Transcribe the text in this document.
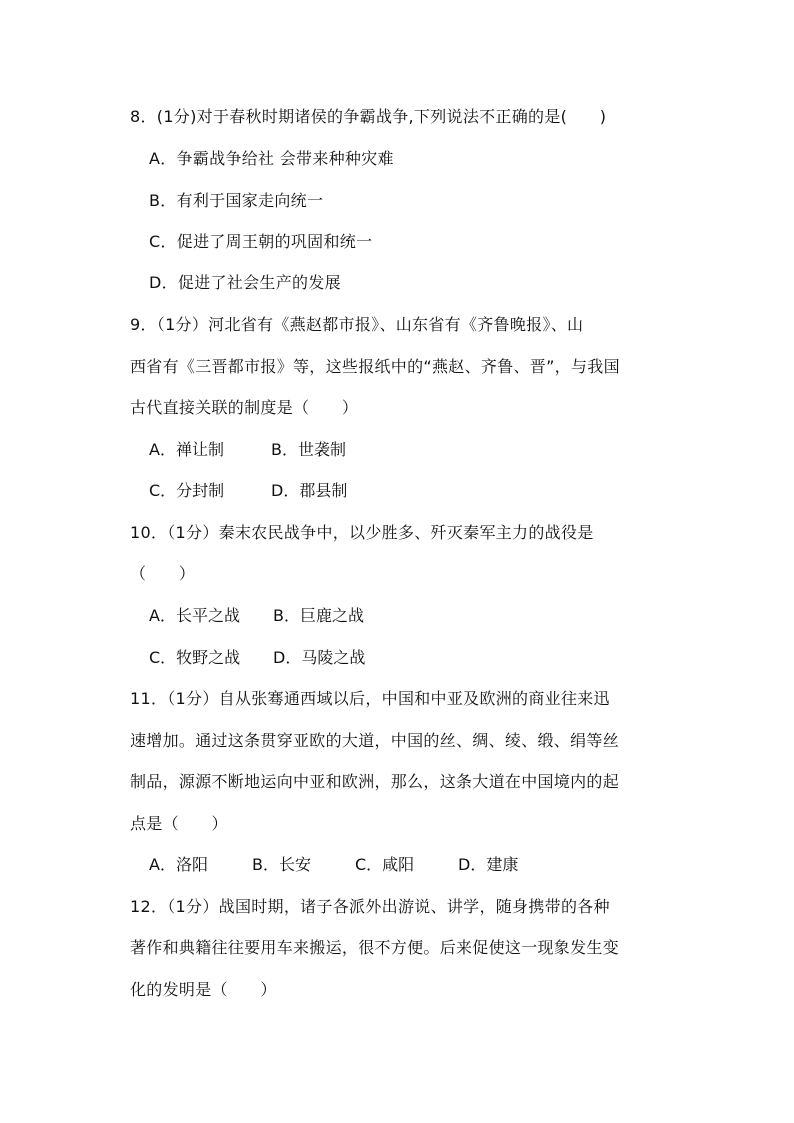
8．(1分)对于春秋时期诸侯的争霸战争,下列说法不正确的是(　　)
A．争霸战争给社 会带来种种灾难
B．有利于国家走向统一
C．促进了周王朝的巩固和统一
D．促进了社会生产的发展
9．（1分）河北省有《燕赵都市报》、山东省有《齐鲁晚报》、山
西省有《三晋都市报》等，这些报纸中的“燕赵、齐鲁、晋”，与我国
古代直接关联的制度是（　　）
A．禅让制	B．世袭制
C．分封制	D．郡县制
10．（1分）秦末农民战争中，以少胜多、歼灭秦军主力的战役是
（　　）
A．长平之战 B．巨鹿之战
C．牧野之战 D．马陵之战
11．（1分）自从张骞通西域以后，中国和中亚及欧洲的商业往来迅
速增加。通过这条贯穿亚欧的大道，中国的丝、绸、绫、缎、绢等丝
制品，源源不断地运向中亚和欧洲，那么，这条大道在中国境内的起
点是（　　）
A．洛阳	B．长安	C．咸阳	D．建康
12．（1分）战国时期，诸子各派外出游说、讲学，随身携带的各种
著作和典籍往往要用车来搬运，很不方便。后来促使这一现象发生变
化的发明是（　　）
